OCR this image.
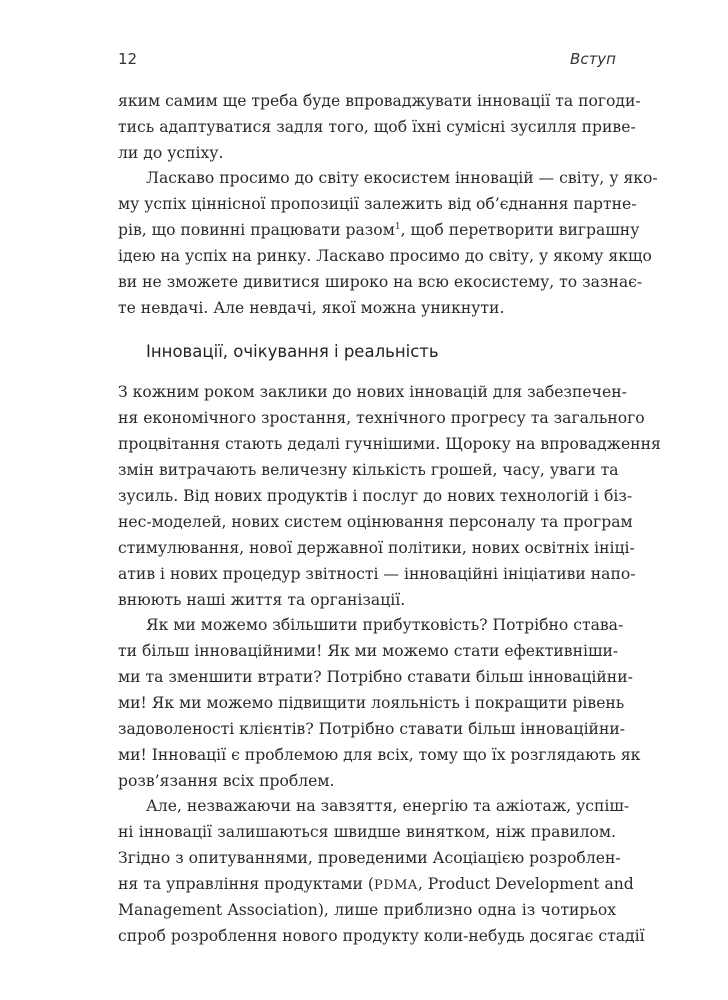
12	Вступ
яким самим ще треба буде впроваджувати інновації та погоди-
тись адаптуватися задля того, щоб їхні сумісні зусилля приве-
ли до успіху.
Ласкаво просимо до світу екосистем інновацій — світу, у яко-
му успіх ціннісної пропозиції залежить від об’єднання партне-
рів, що повинні працювати разом$^1$, щоб перетворити виграшну
ідею на успіх на ринку. Ласкаво просимо до світу, у якому якщо
ви не зможете дивитися широко на всю екосистему, то зазнає-
те невдачі. Але невдачі, якої можна уникнути.
Інновації, очікування і реальність
З кожним роком заклики до нових інновацій для забезпечен-
ня економічного зростання, технічного прогресу та загального
процвітання стають дедалі гучнішими. Щороку на впровадження
змін витрачають величезну кількість грошей, часу, уваги та
зусиль. Від нових продуктів і послуг до нових технологій і біз-
нес-моделей, нових систем оцінювання персоналу та програм
стимулювання, нової державної політики, нових освітніх ініці-
атив і нових процедур звітності — інноваційні ініціативи напо-
внюють наші життя та організації.
Як ми можемо збільшити прибутковість? Потрібно става-
ти більш інноваційними! Як ми можемо стати ефективніши-
ми та зменшити втрати? Потрібно ставати більш інноваційни-
ми! Як ми можемо підвищити лояльність і покращити рівень
задоволеності клієнтів? Потрібно ставати більш інноваційни-
ми! Інновації є проблемою для всіх, тому що їх розглядають як
розв’язання всіх проблем.
Але, незважаючи на завзяття, енергію та ажіотаж, успіш-
ні інновації залишаються швидше винятком, ніж правилом.
Згідно з опитуваннями, проведеними Асоціацією розроблен-
ня та управління продуктами (PDMA, Product Development and
Management Association), лише приблизно одна із чотирьох
спроб розроблення нового продукту коли-небудь досягає стадії
